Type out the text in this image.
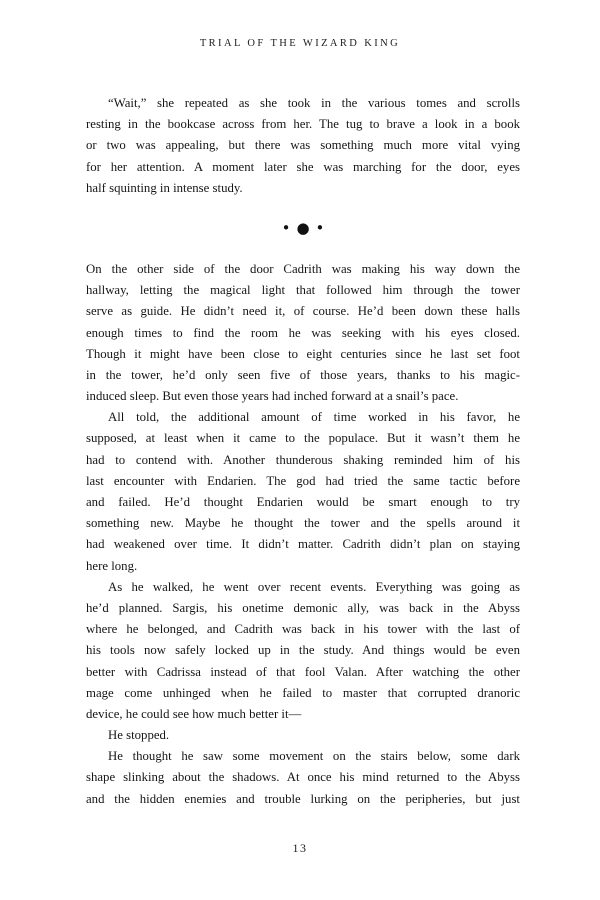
TRIAL OF THE WIZARD KING
“Wait,” she repeated as she took in the various tomes and scrolls
resting in the bookcase across from her. The tug to brave a look in a book
or two was appealing, but there was something much more vital vying
for her attention. A moment later she was marching for the door, eyes
half squinting in intense study.
•●•
On the other side of the door Cadrith was making his way down the
hallway, letting the magical light that followed him through the tower
serve as guide. He didn’t need it, of course. He’d been down these halls
enough times to find the room he was seeking with his eyes closed.
Though it might have been close to eight centuries since he last set foot
in the tower, he’d only seen five of those years, thanks to his magic-
induced sleep. But even those years had inched forward at a snail’s pace.
All told, the additional amount of time worked in his favor, he
supposed, at least when it came to the populace. But it wasn’t them he
had to contend with. Another thunderous shaking reminded him of his
last encounter with Endarien. The god had tried the same tactic before
and failed. He’d thought Endarien would be smart enough to try
something new. Maybe he thought the tower and the spells around it
had weakened over time. It didn’t matter. Cadrith didn’t plan on staying
here long.
As he walked, he went over recent events. Everything was going as
he’d planned. Sargis, his onetime demonic ally, was back in the Abyss
where he belonged, and Cadrith was back in his tower with the last of
his tools now safely locked up in the study. And things would be even
better with Cadrissa instead of that fool Valan. After watching the other
mage come unhinged when he failed to master that corrupted dranoric
device, he could see how much better it—
He stopped.
He thought he saw some movement on the stairs below, some dark
shape slinking about the shadows. At once his mind returned to the Abyss
and the hidden enemies and trouble lurking on the peripheries, but just
13
